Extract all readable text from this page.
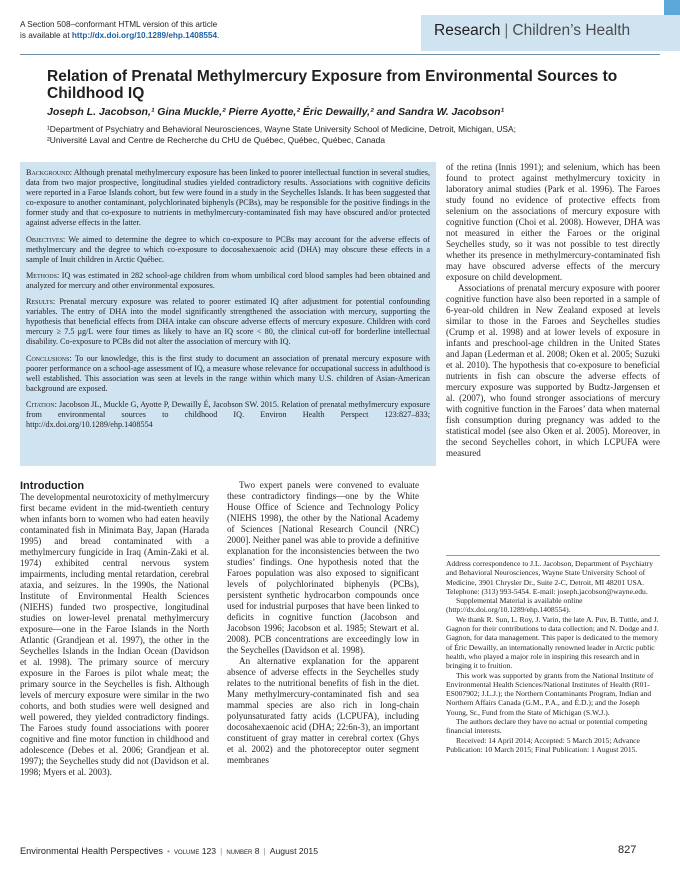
A Section 508–conformant HTML version of this article
is available at http://dx.doi.org/10.1289/ehp.1408554.	Research | Children’s Health
Relation of Prenatal Methylmercury Exposure from Environmental Sources to Childhood IQ
Joseph L. Jacobson,¹ Gina Muckle,² Pierre Ayotte,² Éric Dewailly,² and Sandra W. Jacobson¹
¹Department of Psychiatry and Behavioral Neurosciences, Wayne State University School of Medicine, Detroit, Michigan, USA;
²Université Laval and Centre de Recherche du CHU de Québec, Québec, Québec, Canada

Background: Although prenatal methylmercury exposure has been linked to poorer intellectual function in several studies, data from two major prospective, longitudinal studies yielded contradictory results. Associations with cognitive deficits were reported in a Faroe Islands cohort, but few were found in a study in the Seychelles Islands. It has been suggested that co-exposure to another contaminant, polychlorinated biphenyls (PCBs), may be responsible for the positive findings in the former study and that co-exposure to nutrients in methylmercury-contaminated fish may have obscured and/or protected against adverse effects in the latter.

Objectives: We aimed to determine the degree to which co-exposure to PCBs may account for the adverse effects of methylmercury and the degree to which co-exposure to docosahexaenoic acid (DHA) may obscure these effects in a sample of Inuit children in Arctic Québec.

Methods: IQ was estimated in 282 school-age children from whom umbilical cord blood samples had been obtained and analyzed for mercury and other environmental exposures.

Results: Prenatal mercury exposure was related to poorer estimated IQ after adjustment for potential confounding variables. The entry of DHA into the model significantly strengthened the association with mercury, supporting the hypothesis that beneficial effects from DHA intake can obscure adverse effects of mercury exposure. Children with cord mercury ≥ 7.5 μg/L were four times as likely to have an IQ score < 80, the clinical cut-off for borderline intellectual disability. Co-exposure to PCBs did not alter the association of mercury with IQ.

Conclusions: To our knowledge, this is the first study to document an association of prenatal mercury exposure with poorer performance on a school-age assessment of IQ, a measure whose relevance for occupational success in adulthood is well established. This association was seen at levels in the range within which many U.S. children of Asian-American background are exposed.

Citation: Jacobson JL, Muckle G, Ayotte P, Dewailly É, Jacobson SW. 2015. Relation of prenatal methylmercury exposure from environmental sources to childhood IQ. Environ Health Perspect 123:827–833; http://dx.doi.org/10.1289/ehp.1408554

Introduction

The developmental neurotoxicity of methylmercury first became evident in the mid-twentieth century when infants born to women who had eaten heavily contaminated fish in Minimata Bay, Japan (Harada 1995) and bread contaminated with a methylmercury fungicide in Iraq (Amin-Zaki et al. 1974) exhibited central nervous system impairments, including mental retardation, cerebral ataxia, and seizures. In the 1990s, the National Institute of Environmental Health Sciences (NIEHS) funded two prospective, longitudinal studies on lower-level prenatal methylmercury exposure—one in the Faroe Islands in the North Atlantic (Grandjean et al. 1997), the other in the Seychelles Islands in the Indian Ocean (Davidson et al. 1998). The primary source of mercury exposure in the Faroes is pilot whale meat; the primary source in the Seychelles is fish. Although levels of mercury exposure were similar in the two cohorts, and both studies were well designed and well powered, they yielded contradictory findings. The Faroes study found associations with poorer cognitive and fine motor function in childhood and adolescence (Debes et al. 2006; Grandjean et al. 1997); the Seychelles study did not (Davidson et al. 1998; Myers et al. 2003).

Two expert panels were convened to evaluate these contradictory findings—one by the White House Office of Science and Technology Policy (NIEHS 1998), the other by the National Academy of Sciences [National Research Council (NRC) 2000]. Neither panel was able to provide a definitive explanation for the inconsistencies between the two studies’ findings. One hypothesis noted that the Faroes population was also exposed to significant levels of polychlorinated biphenyls (PCBs), persistent synthetic hydrocarbon compounds once used for industrial purposes that have been linked to deficits in cognitive function (Jacobson and Jacobson 1996; Jacobson et al. 1985; Stewart et al. 2008). PCB concentrations are exceedingly low in the Seychelles (Davidson et al. 1998).

An alternative explanation for the apparent absence of adverse effects in the Seychelles study relates to the nutritional benefits of fish in the diet. Many methylmercury-contaminated fish and sea mammal species are also rich in long-chain polyunsaturated fatty acids (LCPUFA), including docosahexaenoic acid (DHA; 22:6n-3), an important constituent of gray matter in cerebral cortex (Ghys et al. 2002) and the photoreceptor outer segment membranes

of the retina (Innis 1991); and selenium, which has been found to protect against methylmercury toxicity in laboratory animal studies (Park et al. 1996). The Faroes study found no evidence of protective effects from selenium on the associations of mercury exposure with cognitive function (Choi et al. 2008). However, DHA was not measured in either the Faroes or the original Seychelles study, so it was not possible to test directly whether its presence in methylmercury-contaminated fish may have obscured adverse effects of the mercury exposure on child development.

Associations of prenatal mercury exposure with poorer cognitive function have also been reported in a sample of 6-year-old children in New Zealand exposed at levels similar to those in the Faroes and Seychelles studies (Crump et al. 1998) and at lower levels of exposure in infants and preschool-age children in the United States and Japan (Lederman et al. 2008; Oken et al. 2005; Suzuki et al. 2010). The hypothesis that co-exposure to beneficial nutrients in fish can obscure the adverse effects of mercury exposure was supported by Budtz-Jørgensen et al. (2007), who found stronger associations of mercury with cognitive function in the Faroes’ data when maternal fish consumption during pregnancy was added to the statistical model (see also Oken et al. 2005). Moreover, in the second Seychelles cohort, in which LCPUFA were measured

Address correspondence to J.L. Jacobson, Department of Psychiatry and Behavioral Neurosciences, Wayne State University School of Medicine, 3901 Chrysler Dr., Suite 2-C, Detroit, MI 48201 USA. Telephone: (313) 993-5454. E-mail: joseph.jacobson@wayne.edu.

Supplemental Material is available online (http://dx.doi.org/10.1289/ehp.1408554).

We thank R. Sun, L. Roy, J. Varin, the late A. Puv, B. Tuttle, and J. Gagnon for their contributions to data collection; and N. Dodge and J. Gagnon, for data management. This paper is dedicated to the memory of Éric Dewailly, an internationally renowned leader in Arctic public health, who played a major role in inspiring this research and in bringing it to fruition.

This work was supported by grants from the National Institute of Environmental Health Sciences/National Institutes of Health (R01-ES007902; J.L.J.); the Northern Contaminants Program, Indian and Northern Affairs Canada (G.M., P.A., and É.D.); and the Joseph Young, Sr., Fund from the State of Michigan (S.W.J.).

The authors declare they have no actual or potential competing financial interests.

Received: 14 April 2014; Accepted: 5 March 2015; Advance Publication: 10 March 2015; Final Publication: 1 August 2015.

Environmental Health Perspectives • volume 123 | number 8 | August 2015	827
